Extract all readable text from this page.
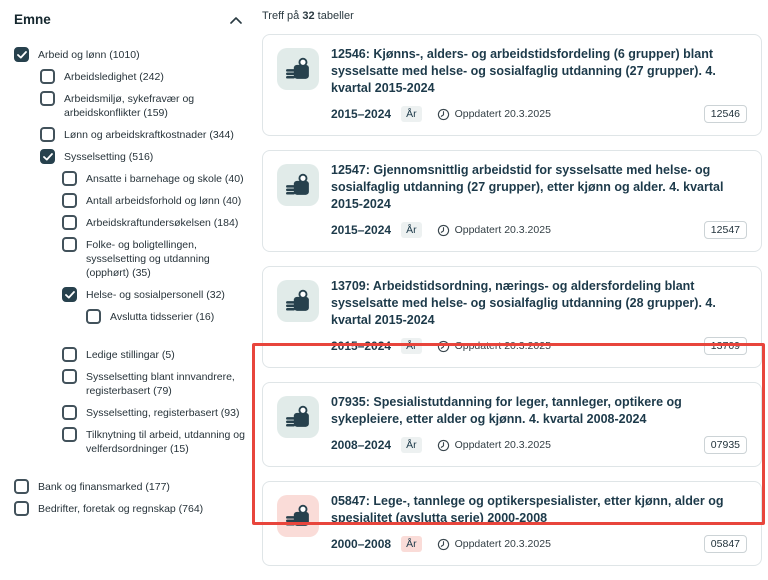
Emne
Arbeid og lønn (1010)
Arbeidsledighet (242)
Arbeidsmiljø, sykefravær og arbeidskonflikter (159)
Lønn og arbeidskraftkostnader (344)
Sysselsetting (516)
Ansatte i barnehage og skole (40)
Antall arbeidsforhold og lønn (40)
Arbeidskraftundersøkelsen (184)
Folke- og boligtellingen, sysselsetting og utdanning (opphørt) (35)
Helse- og sosialpersonell (32)
Avslutta tidsserier (16)
Ledige stillingar (5)
Sysselsetting blant innvandrere, registerbasert (79)
Sysselsetting, registerbasert (93)
Tilknytning til arbeid, utdanning og velferdsordninger (15)
Bank og finansmarked (177)
Bedrifter, foretak og regnskap (764)
Treff på 32 tabeller
12546: Kjønns-, alders- og arbeidstidsfordeling (6 grupper) blant sysselsatte med helse- og sosialfaglig utdanning (27 grupper). 4. kvartal 2015-2024
2015–2024	År	Oppdatert 20.3.2025	12546
12547: Gjennomsnittlig arbeidstid for sysselsatte med helse- og sosialfaglig utdanning (27 grupper), etter kjønn og alder. 4. kvartal 2015-2024
2015–2024	År	Oppdatert 20.3.2025	12547
13709: Arbeidstidsordning, nærings- og aldersfordeling blant sysselsatte med helse- og sosialfaglig utdanning (28 grupper). 4. kvartal 2015-2024
2015–2024	År	Oppdatert 20.3.2025	13709
07935: Spesialistutdanning for leger, tannleger, optikere og sykepleiere, etter alder og kjønn. 4. kvartal 2008-2024
2008–2024	År	Oppdatert 20.3.2025	07935
05847: Lege-, tannlege og optikerspesialister, etter kjønn, alder og spesialitet (avslutta serie) 2000-2008
2000–2008	År	Oppdatert 20.3.2025	05847
